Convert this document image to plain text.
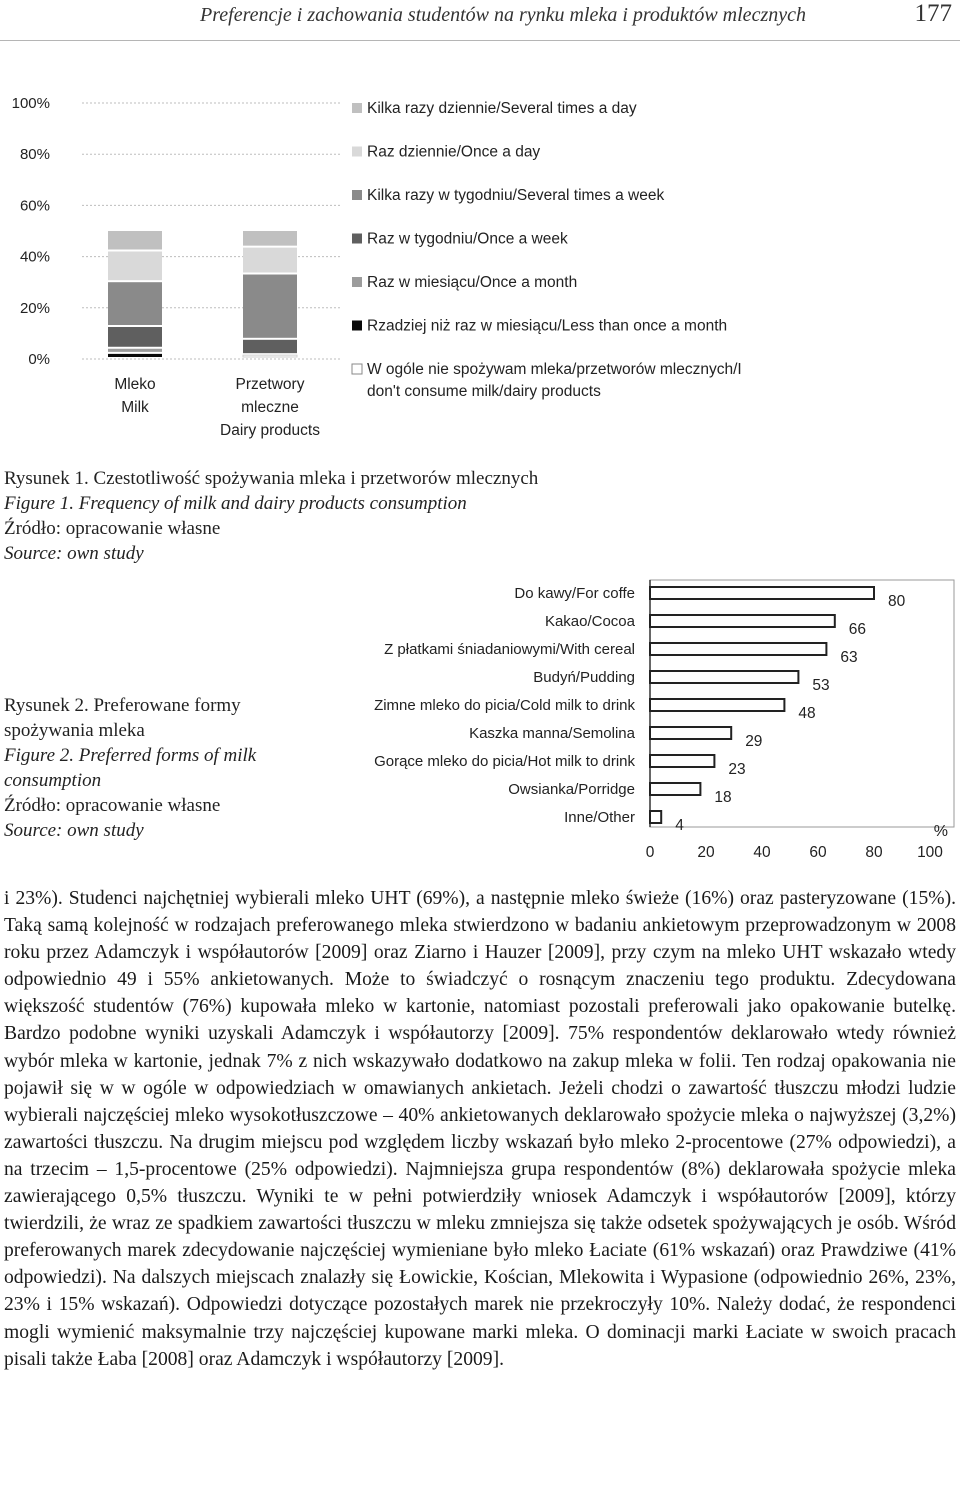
Preferencje i zachowania studentów na rynku mleka i produktów mlecznych	177
0%
20%
40%
60%
80%
100%
Mleko
Milk
Przetwory
mleczne
Dairy products
Kilka razy dziennie/Several times a day
Raz dziennie/Once a day
Kilka razy w tygodniu/Several times a week
Raz w tygodniu/Once a week
Raz w miesiącu/Once a month
Rzadziej niż raz w miesiącu/Less than once a month
W ogóle nie spożywam mleka/przetworów mlecznych/I
don't consume milk/dairy products
Rysunek 1. Czestotliwość spożywania mleka i przetworów mlecznych
Figure 1. Frequency of milk and dairy products consumption
Źródło: opracowanie własne
Source: own study
Rysunek 2. Preferowane formy
spożywania mleka
Figure 2. Preferred forms of milk
consumption
Źródło: opracowanie własne
Source: own study
Do kawy/For coffe
Kakao/Cocoa
Z płatkami śniadaniowymi/With cereal
Budyń/Pudding
Zimne mleko do picia/Cold milk to drink
Kaszka manna/Semolina
Gorące mleko do picia/Hot milk to drink
Owsianka/Porridge
Inne/Other
80
66
63
53
48
29
23
18
4
0	20	40	60	80 100
%

i 23%). Studenci najchętniej wybierali mleko UHT (69%), a następnie mleko świeże (16%) oraz pasteryzowane (15%). Taką samą kolejność w rodzajach preferowanego mleka stwierdzono w badaniu ankietowym przeprowadzonym w 2008 roku przez Adamczyk i współautorów [2009] oraz Ziarno i Hauzer [2009], przy czym na mleko UHT wskazało wtedy odpowiednio 49 i 55% ankietowanych. Może to świadczyć o rosnącym znaczeniu tego produktu. Zdecydowana większość studentów (76%) kupowała mleko w kartonie, natomiast pozostali preferowali jako opakowanie butelkę. Bardzo podobne wyniki uzyskali Adamczyk i współautorzy [2009]. 75% respondentów deklarowało wtedy również wybór mleka w kartonie, jednak 7% z nich wskazywało dodatkowo na zakup mleka w folii. Ten rodzaj opakowania nie pojawił się w w ogóle w odpowiedziach w omawianych ankietach. Jeżeli chodzi o zawartość tłuszczu młodzi ludzie wybierali najczęściej mleko wysokotłuszczowe – 40% ankietowanych deklarowało spożycie mleka o najwyższej (3,2%) zawartości tłuszczu. Na drugim miejscu pod względem liczby wskazań było mleko 2-procentowe (27% odpowiedzi), a na trzecim – 1,5-procentowe (25% odpowiedzi). Najmniejsza grupa respondentów (8%) deklarowała spożycie mleka zawierającego 0,5% tłuszczu. Wyniki te w pełni potwierdziły wniosek Adamczyk i współautorów [2009], którzy twierdzili, że wraz ze spadkiem zawartości tłuszczu w mleku zmniejsza się także odsetek spożywających je osób. Wśród preferowanych marek zdecydowanie najczęściej wymieniane było mleko Łaciate (61% wskazań) oraz Prawdziwe (41% odpowiedzi). Na dalszych miejscach znalazły się Łowickie, Kościan, Mlekowita i Wypasione (odpowiednio 26%, 23%, 23% i 15% wskazań). Odpowiedzi dotyczące pozostałych marek nie przekroczyły 10%. Należy dodać, że respondenci mogli wymienić maksymalnie trzy najczęściej kupowane marki mleka. O dominacji marki Łaciate w swoich pracach pisali także Łaba [2008] oraz Adamczyk i współautorzy [2009].
